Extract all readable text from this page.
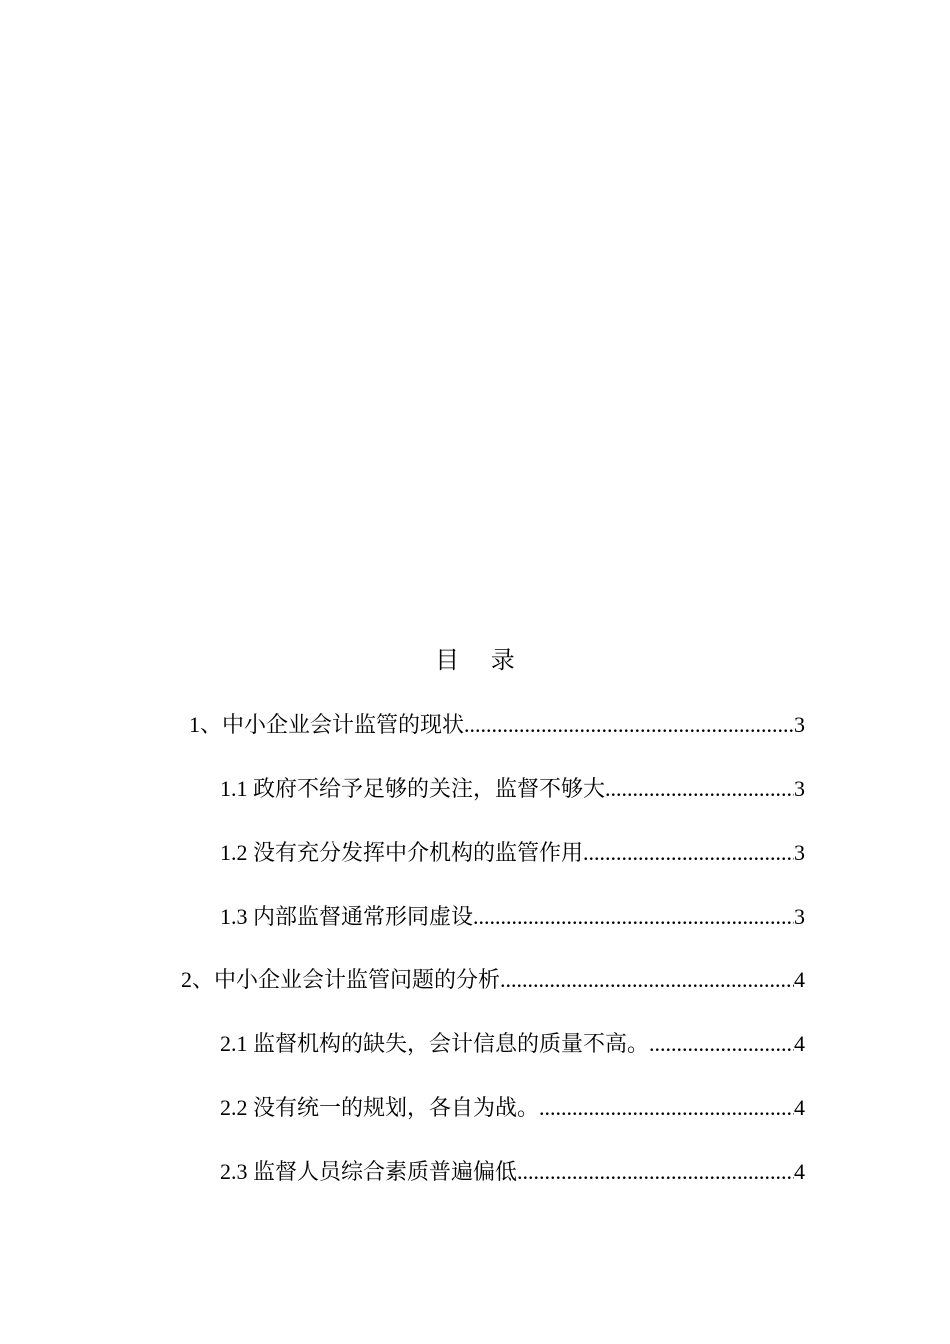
目 录
1、中小企业会计监管的现状 .....	3
1.1 政府不给予足够的关注，监督不够大 .....	3
1.2 没有充分发挥中介机构的监管作用 .....	3
1.3 内部监督通常形同虚设 .....	3
2、中小企业会计监管问题的分析 .....	4
2.1 监督机构的缺失，会计信息的质量不高。 .....	4
2.2 没有统一的规划，各自为战。 .....	4
2.3 监督人员综合素质普遍偏低 .....	4
